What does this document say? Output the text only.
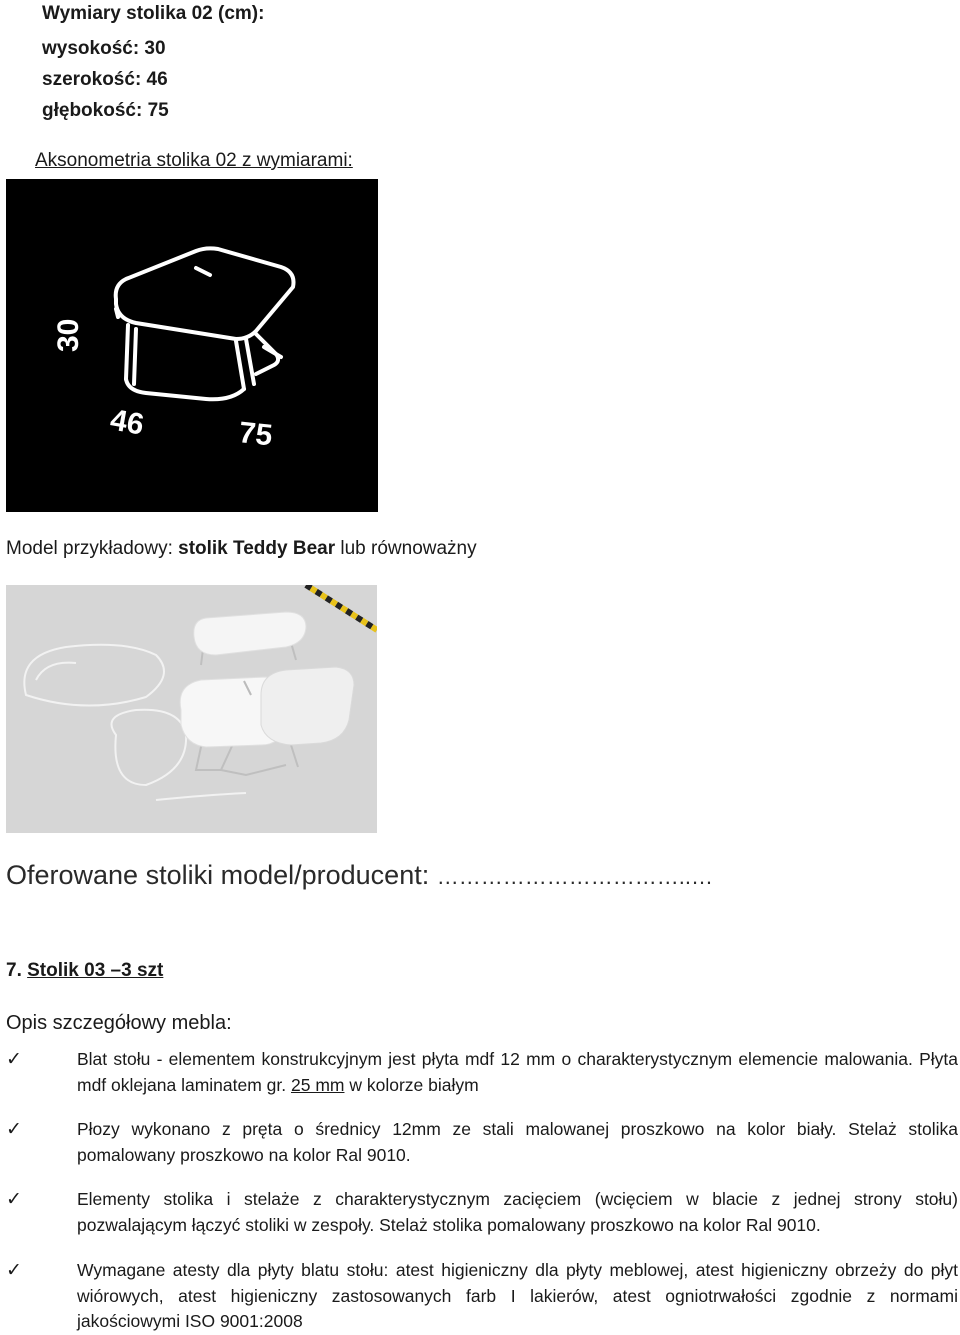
Wymiary stolika 02 (cm):
wysokość: 30
szerokość: 46
głębokość: 75
Aksonometria stolika 02 z wymiarami:
30
46	75
Model przykładowy: stolik Teddy Bear lub równoważny
Oferowane stoliki model/producent: ……………………………..…
7. Stolik 03 –3 szt
Opis szczegółowy mebla:
✓	Blat stołu - elementem konstrukcyjnym jest płyta mdf 12 mm o charakterystycznym elemencie malowania. Płyta mdf oklejana laminatem gr. 25 mm w kolorze białym
✓	Płozy wykonano z pręta o średnicy 12mm ze stali malowanej proszkowo na kolor biały. Stelaż stolika pomalowany proszkowo na kolor Ral 9010.
✓	Elementy stolika i stelaże z charakterystycznym zacięciem (wcięciem w blacie z jednej strony stołu) pozwalającym łączyć stoliki w zespoły. Stelaż stolika pomalowany proszkowo na kolor Ral 9010.
✓	Wymagane atesty dla płyty blatu stołu: atest higieniczny dla płyty meblowej, atest higieniczny obrzeży do płyt wiórowych, atest higieniczny zastosowanych farb I lakierów, atest ogniotrwałości zgodnie z normami jakościowymi ISO 9001:2008
